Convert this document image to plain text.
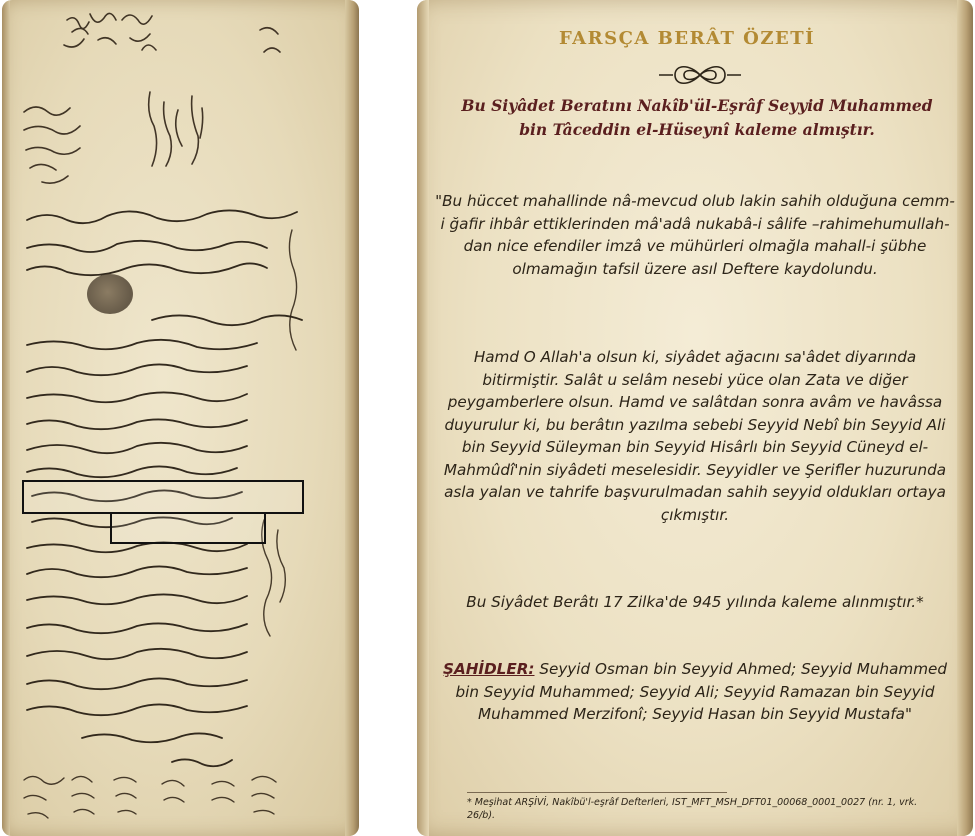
FARSÇA BERÂT ÖZETİ
Bu Siyâdet Beratını Nakîb'ül-Eşrâf Seyyid Muhammed bin Tâceddin el-Hüseynî kaleme almıştır.
"Bu hüccet mahallinde nâ-mevcud olub lakin sahih olduğuna cemm-i ğafir ihbâr ettiklerinden mâ'adâ nukabâ-i sâlife –rahimehumullah-dan nice efendiler imzâ ve mühürleri olmağla mahall-i şübhe olmamağın tafsil üzere asıl Deftere kaydolundu.
Hamd O Allah'a olsun ki, siyâdet ağacını sa'âdet diyarında bitirmiştir. Salât u selâm nesebi yüce olan Zata ve diğer peygamberlere olsun. Hamd ve salâtdan sonra avâm ve havâssa duyurulur ki, bu berâtın yazılma sebebi Seyyid Nebî bin Seyyid Ali bin Seyyid Süleyman bin Seyyid Hisârlı bin Seyyid Cüneyd el-Mahmûdî'nin siyâdeti meselesidir. Seyyidler ve Şerifler huzurunda asla yalan ve tahrife başvurulmadan sahih seyyid oldukları ortaya çıkmıştır.
Bu Siyâdet Berâtı 17 Zilka'de 945 yılında kaleme alınmıştır.*
ŞAHİDLER: Seyyid Osman bin Seyyid Ahmed; Seyyid Muhammed bin Seyyid Muhammed; Seyyid Ali; Seyyid Ramazan bin Seyyid Muhammed Merzifonî; Seyyid Hasan bin Seyyid Mustafa"
* Meşihat ARŞİVİ, Nakîbü'l-eşrâf Defterleri, IST_MFT_MSH_DFT01_00068_0001_0027 (nr. 1, vrk. 26/b).
